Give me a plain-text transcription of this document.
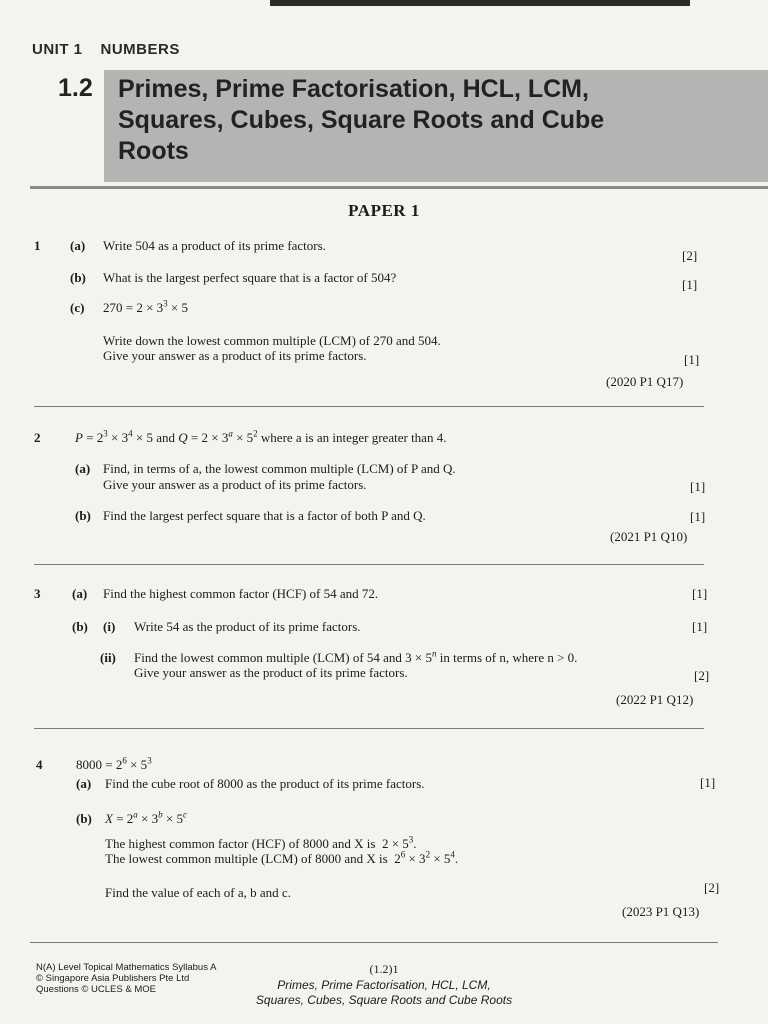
UNIT 1 NUMBERS
1.2 Primes, Prime Factorisation, HCL, LCM,
Squares, Cubes, Square Roots and Cube
Roots
PAPER 1
1 (a) Write 504 as a product of its prime factors.
[2]
(b) What is the largest perfect square that is a factor of 504?	[1]
(c) $270 = 2 \times 3^3 \times 5$
Write down the lowest common multiple (LCM) of 270 and 504.
Give your answer as a product of its prime factors.	[1]
(2020 P1 Q17)
2	$P = 2^3 \times 3^4 \times 5$ and $Q = 2 \times 3^a \times 5^2$ where a is an integer greater than 4.
(a) Find, in terms of a, the lowest common multiple (LCM) of P and Q.
Give your answer as a product of its prime factors.	[1]
(b) Find the largest perfect square that is a factor of both P and Q.	[1]
(2021 P1 Q10)
3 (a) Find the highest common factor (HCF) of 54 and 72.	[1]
(b) (i) Write 54 as the product of its prime factors.	[1]
(ii) Find the lowest common multiple (LCM) of 54 and $3 \times 5^n$ in terms of n, where n > 0.
Give your answer as the product of its prime factors.	[2]
(2022 P1 Q12)
4	$8000 = 2^6 \times 5^3$
(a) Find the cube root of 8000 as the product of its prime factors.	[1]
(b) $X = 2^a \times 3^b \times 5^c$
The highest common factor (HCF) of 8000 and X is  $2 \times 5^3$.
The lowest common multiple (LCM) of 8000 and X is  $2^6 \times 3^2 \times 5^4$.
Find the value of each of a, b and c.	[2]
(2023 P1 Q13)
N(A) Level Topical Mathematics Syllabus A
© Singapore Asia Publishers Pte Ltd
Questions © UCLES & MOE
(1.2)1
Primes, Prime Factorisation, HCL, LCM,
Squares, Cubes, Square Roots and Cube Roots
